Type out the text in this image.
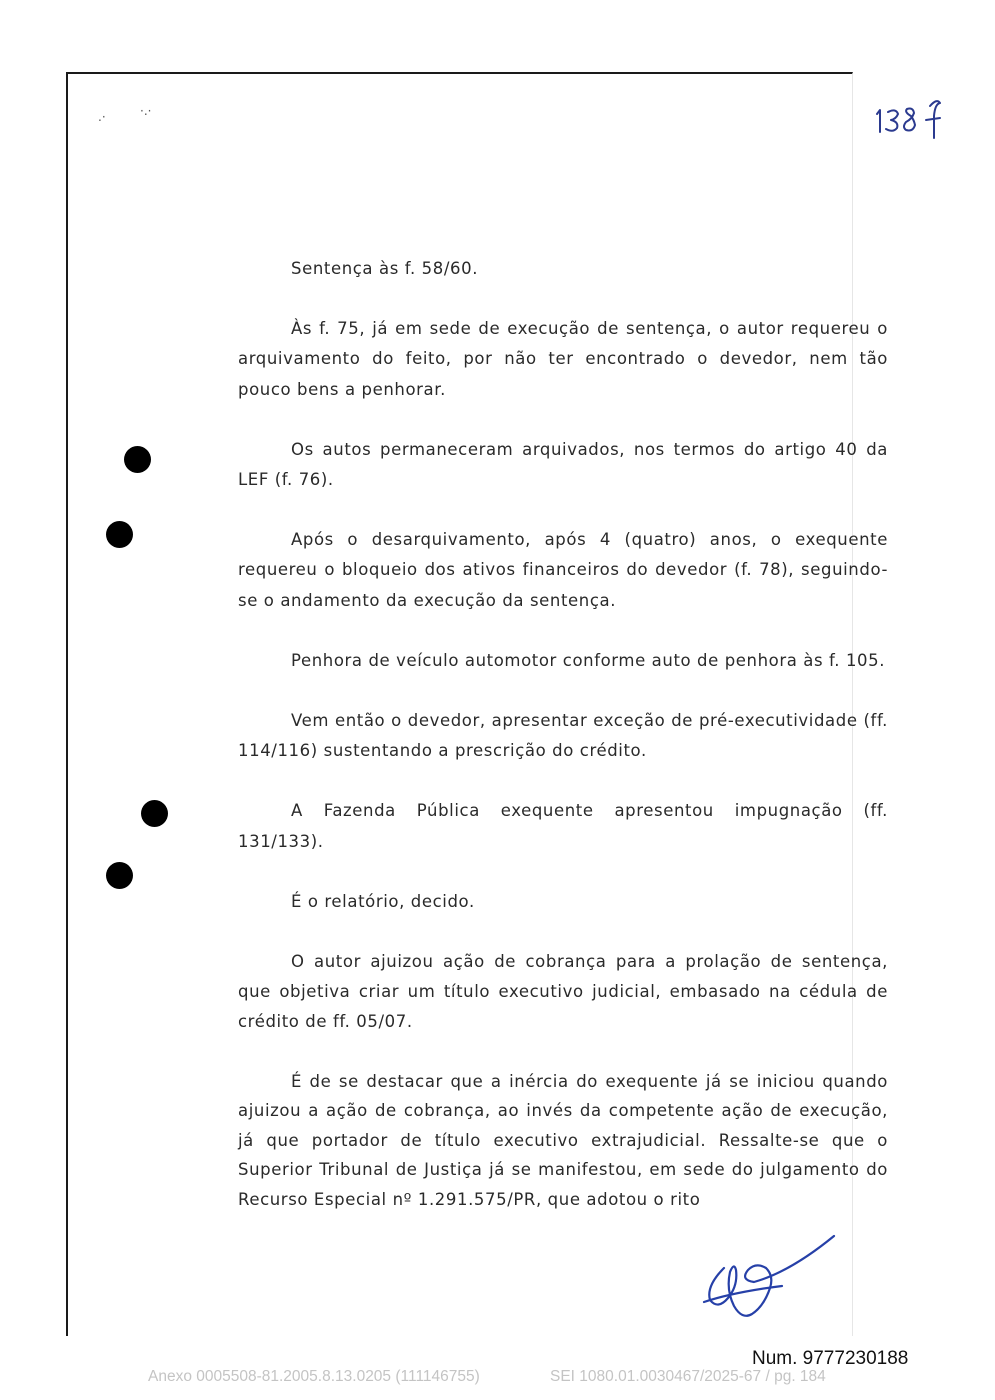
.·	·.·

Sentença às f. 58/60.

Às f. 75, já em sede de execução de sentença, o autor requereu o arquivamento do feito, por não ter encontrado o devedor, nem tão pouco bens a penhorar.

Os autos permaneceram arquivados, nos termos do artigo 40 da LEF (f. 76).

Após o desarquivamento, após 4 (quatro) anos, o exequente requereu o bloqueio dos ativos financeiros do devedor (f. 78), seguindo-se o andamento da execução da sentença.

Penhora de veículo automotor conforme auto de penhora às f. 105.

Vem então o devedor, apresentar exceção de pré-executividade (ff. 114/116) sustentando a prescrição do crédito.

A Fazenda Pública exequente apresentou impugnação (ff. 131/133).

É o relatório, decido.

O autor ajuizou ação de cobrança para a prolação de sentença, que objetiva criar um título executivo judicial, embasado na cédula de crédito de ff. 05/07.

É de se destacar que a inércia do exequente já se iniciou quando ajuizou a ação de cobrança, ao invés da competente ação de execução, já que portador de título executivo extrajudicial. Ressalte-se que o Superior Tribunal de Justiça já se manifestou, em sede do julgamento do Recurso Especial nº 1.291.575/PR, que adotou o rito

Num. 9777230188
Anexo 0005508-81.2005.8.13.0205 (111146755)	SEI 1080.01.0030467/2025-67 / pg. 184
